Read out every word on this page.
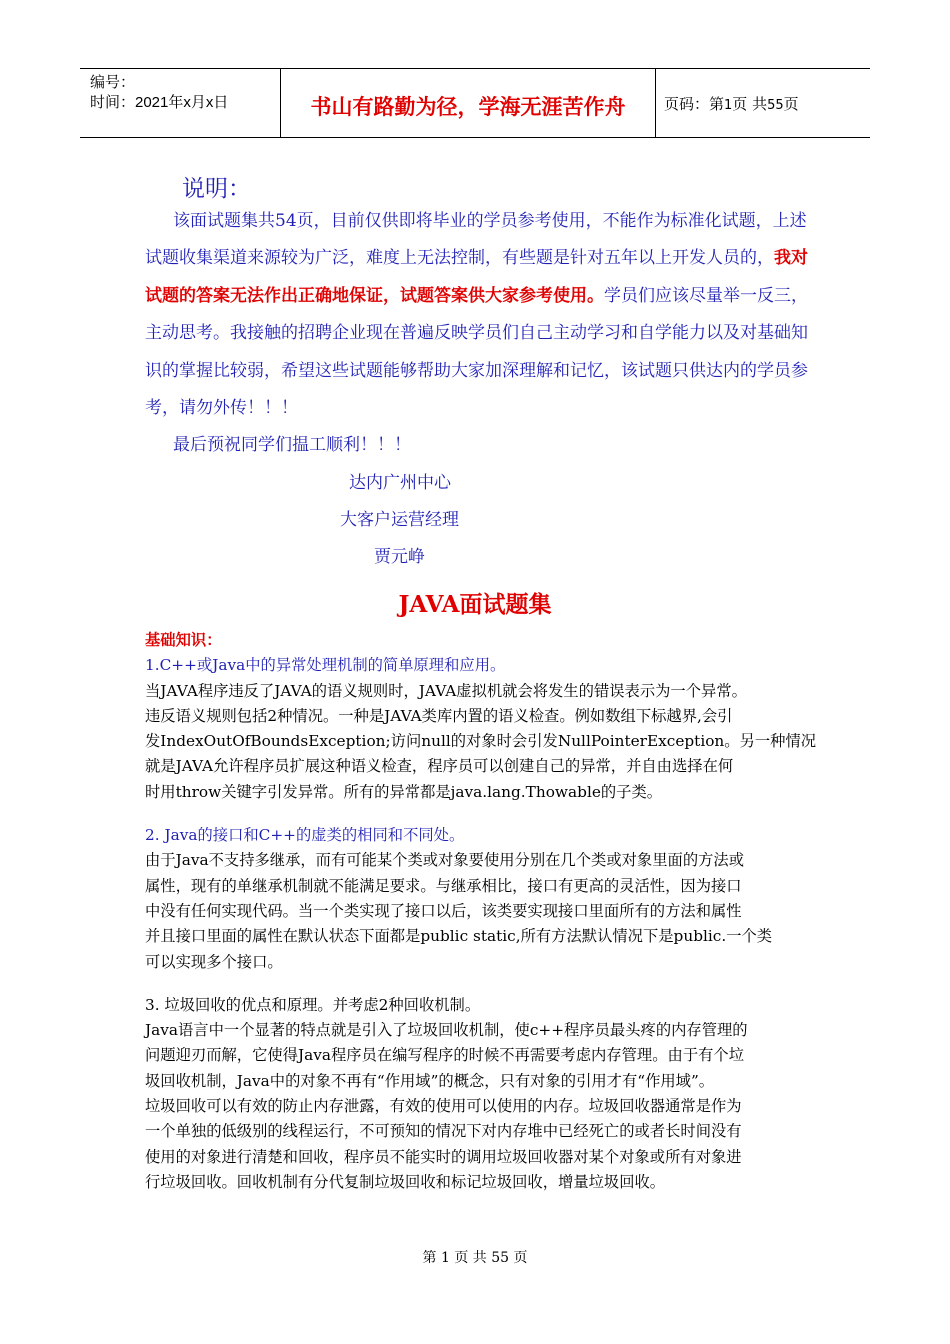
编号：
时间：2021年x月x日	书山有路勤为径，学海无涯苦作舟	页码：第1页 共55页
说明：

该面试题集共54页，目前仅供即将毕业的学员参考使用，不能作为标准化试题，上述试题收集渠道来源较为广泛，难度上无法控制，有些题是针对五年以上开发人员的，我对试题的答案无法作出正确地保证，试题答案供大家参考使用。学员们应该尽量举一反三，主动思考。我接触的招聘企业现在普遍反映学员们自己主动学习和自学能力以及对基础知识的掌握比较弱，希望这些试题能够帮助大家加深理解和记忆，该试题只供达内的学员参考，请勿外传！！！

最后预祝同学们揾工顺利！！！

达内广州中心
大客户运营经理
贾元峥
JAVA面试题集
基础知识：
1.C++或Java中的异常处理机制的简单原理和应用。
当JAVA程序违反了JAVA的语义规则时，JAVA虚拟机就会将发生的错误表示为一个异常。
违反语义规则包括2种情况。一种是JAVA类库内置的语义检查。例如数组下标越界,会引
发IndexOutOfBoundsException;访问null的对象时会引发NullPointerException。另一种情况
就是JAVA允许程序员扩展这种语义检查，程序员可以创建自己的异常，并自由选择在何
时用throw关键字引发异常。所有的异常都是java.lang.Thowable的子类。
2. Java的接口和C++的虚类的相同和不同处。
由于Java不支持多继承，而有可能某个类或对象要使用分别在几个类或对象里面的方法或
属性，现有的单继承机制就不能满足要求。与继承相比，接口有更高的灵活性，因为接口
中没有任何实现代码。当一个类实现了接口以后，该类要实现接口里面所有的方法和属性
并且接口里面的属性在默认状态下面都是public static,所有方法默认情况下是public.一个类
可以实现多个接口。
3. 垃圾回收的优点和原理。并考虑2种回收机制。
Java语言中一个显著的特点就是引入了垃圾回收机制，使c++程序员最头疼的内存管理的
问题迎刃而解，它使得Java程序员在编写程序的时候不再需要考虑内存管理。由于有个垃
圾回收机制，Java中的对象不再有“作用域”的概念，只有对象的引用才有“作用域”。
垃圾回收可以有效的防止内存泄露，有效的使用可以使用的内存。垃圾回收器通常是作为
一个单独的低级别的线程运行，不可预知的情况下对内存堆中已经死亡的或者长时间没有
使用的对象进行清楚和回收，程序员不能实时的调用垃圾回收器对某个对象或所有对象进
行垃圾回收。回收机制有分代复制垃圾回收和标记垃圾回收，增量垃圾回收。
第 1 页 共 55 页
